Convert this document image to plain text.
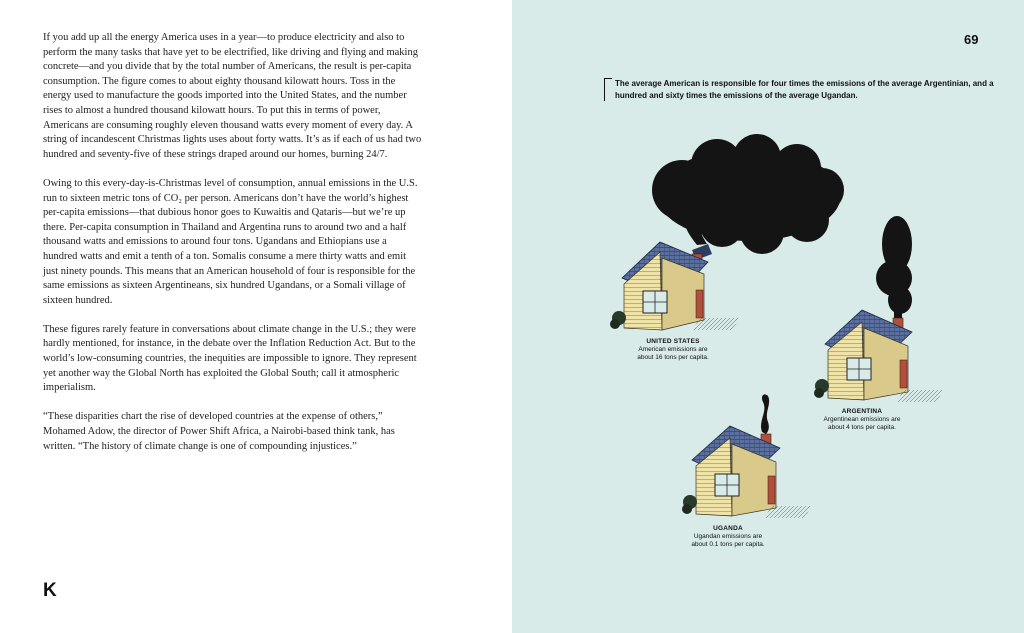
If you add up all the energy America uses in a year—to produce electricity and also to perform the many tasks that have yet to be electrified, like driving and flying and making concrete—and you divide that by the total number of Americans, the result is per-capita consumption. The figure comes to about eighty thousand kilowatt hours. Toss in the energy used to manufacture the goods imported into the United States, and the number rises to almost a hundred thousand kilowatt hours. To put this in terms of power, Americans are consuming roughly eleven thousand watts every moment of every day. A string of incandescent Christmas lights uses about forty watts. It’s as if each of us had two hundred and seventy-five of these strings draped around our homes, burning 24/7.

Owing to this every-day-is-Christmas level of consumption, annual emissions in the U.S. run to sixteen metric tons of CO₂ per person. Americans don’t have the world’s highest per-capita emissions—that dubious honor goes to Kuwaitis and Qataris—but we’re up there. Per-capita consumption in Thailand and Argentina runs to around two and a half thousand watts and emissions to around four tons. Ugandans and Ethiopians use a hundred watts and emit a tenth of a ton. Somalis consume a mere thirty watts and emit just ninety pounds. This means that an American household of four is responsible for the same emissions as sixteen Argentineans, six hundred Ugandans, or a Somali village of sixteen hundred.

These figures rarely feature in conversations about climate change in the U.S.; they were hardly mentioned, for instance, in the debate over the Inflation Reduction Act. But to the world’s low-consuming countries, the inequities are impossible to ignore. They represent yet another way the Global North has exploited the Global South; call it atmospheric imperialism.

“These disparities chart the rise of developed countries at the expense of others,” Mohamed Adow, the director of Power Shift Africa, a Nairobi-based think tank, has written. “The history of climate change is one of compounding injustices.”

K
69
The average American is responsible for four times the emissions of the average Argentinian, and a hundred and sixty times the emissions of the average Ugandan.
UNITED STATES
American emissions are
about 16 tons per capita.
ARGENTINA
Argentinean emissions are
about 4 tons per capita.
UGANDA
Ugandan emissions are
about 0.1 tons per capita.
